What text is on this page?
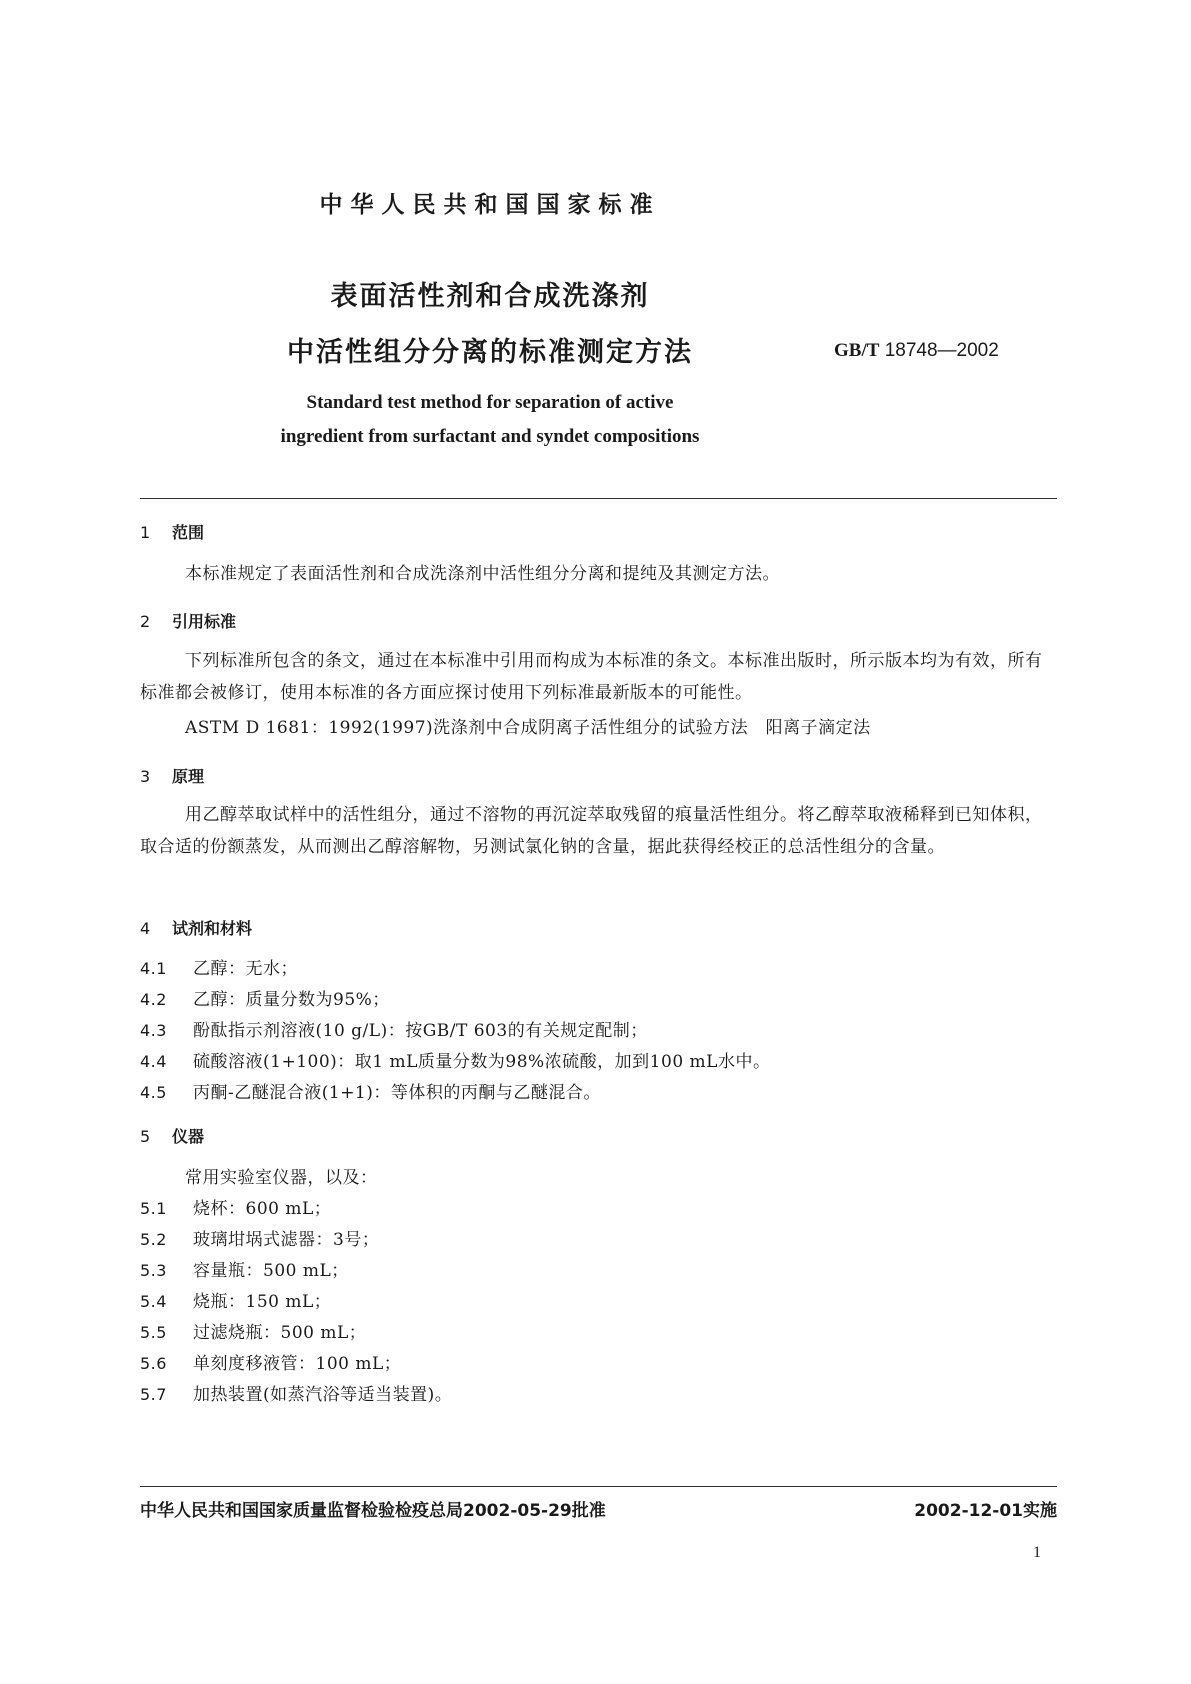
中华人民共和国国家标准
表面活性剂和合成洗涤剂
中活性组分分离的标准测定方法	GB/T 18748—2002
Standard test method for separation of active
ingredient from surfactant and syndet compositions
1 范围
本标准规定了表面活性剂和合成洗涤剂中活性组分分离和提纯及其测定方法。
2 引用标准
下列标准所包含的条文，通过在本标准中引用而构成为本标准的条文。本标准出版时，所示版本均为有效，所有标准都会被修订，使用本标准的各方面应探讨使用下列标准最新版本的可能性。
ASTM D 1681：1992(1997)洗涤剂中合成阴离子活性组分的试验方法　阳离子滴定法
3 原理
用乙醇萃取试样中的活性组分，通过不溶物的再沉淀萃取残留的痕量活性组分。将乙醇萃取液稀释到已知体积，取合适的份额蒸发，从而测出乙醇溶解物，另测试氯化钠的含量，据此获得经校正的总活性组分的含量。
4 试剂和材料
4.1 乙醇：无水；
4.2 乙醇：质量分数为95%；
4.3 酚酞指示剂溶液(10 g/L)：按GB/T 603的有关规定配制；
4.4 硫酸溶液(1+100)：取1 mL质量分数为98%浓硫酸，加到100 mL水中。
4.5 丙酮-乙醚混合液(1+1)：等体积的丙酮与乙醚混合。
5 仪器
常用实验室仪器，以及：
5.1 烧杯：600 mL；
5.2 玻璃坩埚式滤器：3号；
5.3 容量瓶：500 mL；
5.4 烧瓶：150 mL；
5.5 过滤烧瓶：500 mL；
5.6 单刻度移液管：100 mL；
5.7 加热装置(如蒸汽浴等适当装置)。
中华人民共和国国家质量监督检验检疫总局2002-05-29批准	2002-12-01实施
1
